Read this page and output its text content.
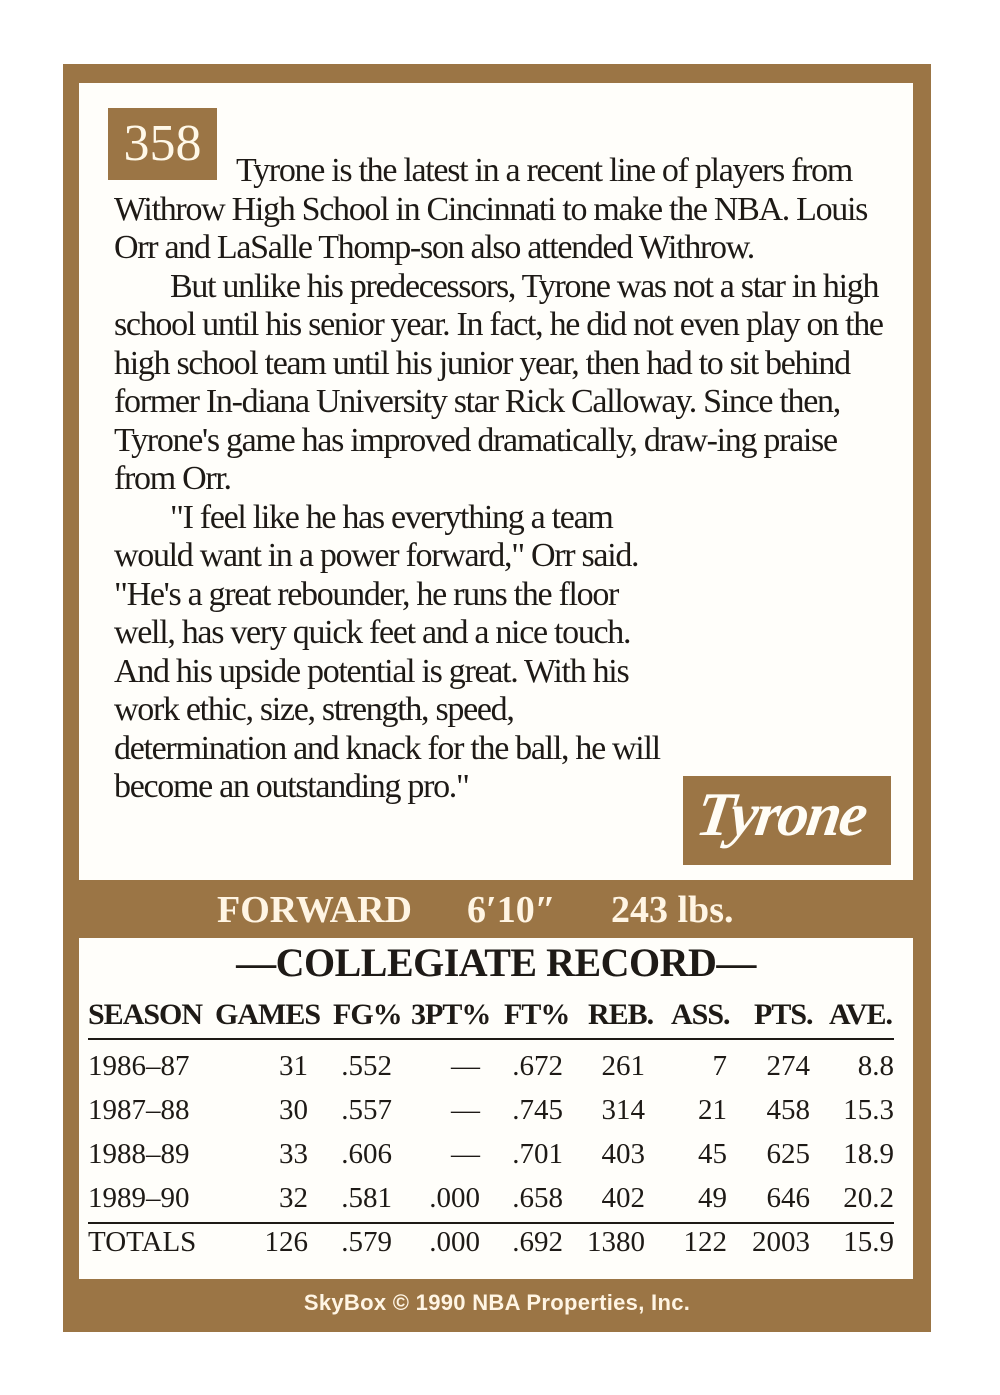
358	Tyrone is the latest in a recent line of players from Withrow High School in Cincinnati to make the NBA. Louis Orr and LaSalle Thomp-son also attended Withrow.

But unlike his predecessors, Tyrone was not a star in high school until his senior year. In fact, he did not even play on the high school team until his junior year, then had to sit behind former In-diana University star Rick Calloway. Since then, Tyrone's game has improved dramatically, draw-ing praise from Orr.

"I feel like he has everything a team would want in a power forward," Orr said. "He's a great rebounder, he runs the floor well, has very quick feet and a nice touch. And his upside potential is great. With his work ethic, size, strength, speed, determination and knack for the ball, he will become an outstanding pro."	Tyrone
FORWARD 6′10″ 243 lbs.
—COLLEGIATE RECORD—
SEASON GAMES FG% 3PT% FT% REB. ASS. PTS. AVE.
1986–87	31 .552 — .672 261 7 274 8.8
1987–88	30 .557 — .745 314 21 458 15.3
1988–89	33 .606 — .701 403 45 625 18.9
1989–90	32 .581 .000 .658 402 49 646 20.2
TOTALS 126 .579 .000 .692 1380 122 2003 15.9
SkyBox © 1990 NBA Properties, Inc.
